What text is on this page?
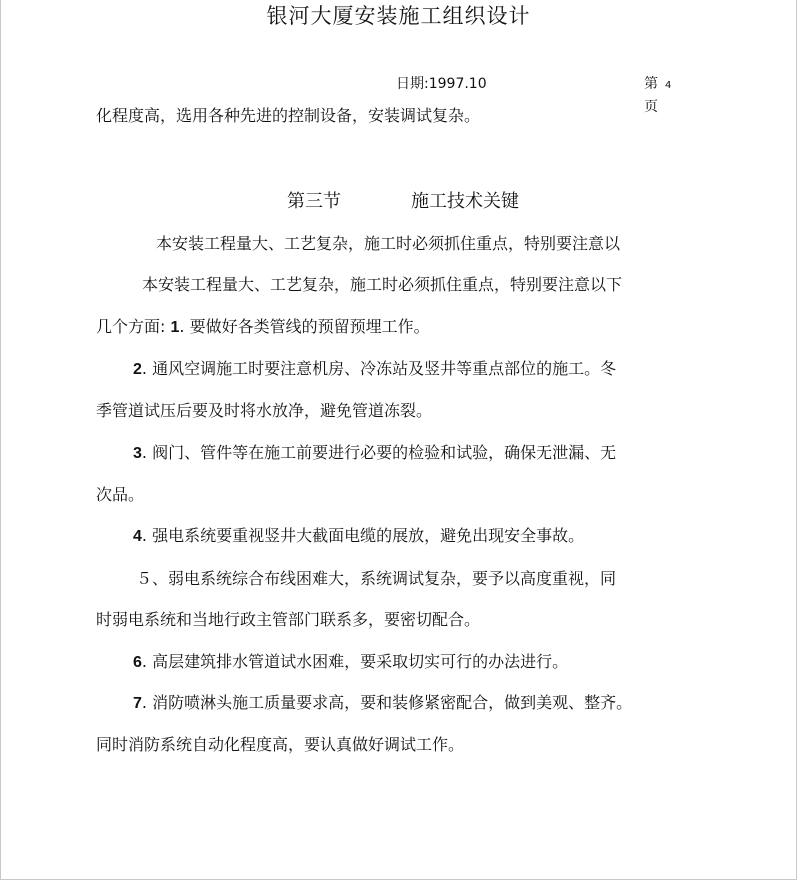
银河大厦安装施工组织设计
日期:1997.10	第 4
页
化程度高，选用各种先进的控制设备，安装调试复杂。
第三节	施工技术关键
本安装工程量大、工艺复杂，施工时必须抓住重点，特别要注意以
本安装工程量大、工艺复杂，施工时必须抓住重点，特别要注意以下
几个方面: 1. 要做好各类管线的预留预埋工作。
2. 通风空调施工时要注意机房、冷冻站及竖井等重点部位的施工。冬
季管道试压后要及时将水放净，避免管道冻裂。
3. 阀门、管件等在施工前要进行必要的检验和试验，确保无泄漏、无
次品。
4. 强电系统要重视竖井大截面电缆的展放，避免出现安全事故。
５、弱电系统综合布线困难大，系统调试复杂，要予以高度重视，同
时弱电系统和当地行政主管部门联系多，要密切配合。
6. 高层建筑排水管道试水困难，要采取切实可行的办法进行。
7. 消防喷淋头施工质量要求高，要和装修紧密配合，做到美观、整齐。
同时消防系统自动化程度高，要认真做好调试工作。
